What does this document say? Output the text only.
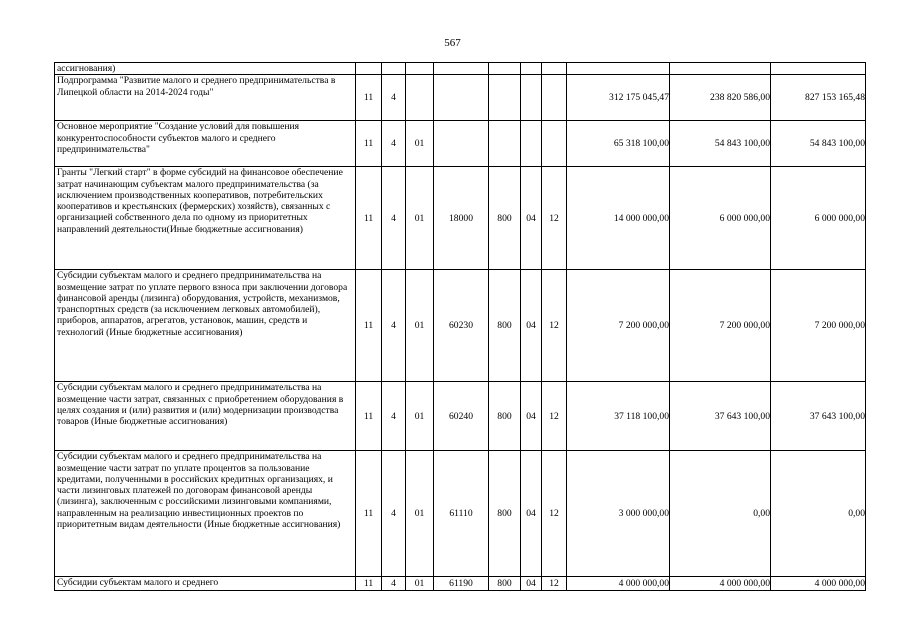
567
ассигнования)										
Подпрограмма "Развитие малого и среднего предпринимательства в Липецкой области на 2014-2024 годы"	11	4						312 175 045,47	238 820 586,00	827 153 165,48
Основное мероприятие "Создание условий для повышения конкурентоспособности субъектов малого и среднего предпринимательства"	11	4	01					65 318 100,00	54 843 100,00	54 843 100,00
Гранты "Легкий старт" в форме субсидий на финансовое обеспечение затрат начинающим субъектам малого предпринимательства (за исключением производственных кооперативов, потребительских кооперативов и крестьянских (фермерских) хозяйств), связанных с организацией собственного дела по одному из приоритетных направлений деятельности(Иные бюджетные ассигнования)	11	4	01	18000	800	04	12	14 000 000,00	6 000 000,00	6 000 000,00
Субсидии субъектам малого и среднего предпринимательства на возмещение затрат по уплате первого взноса при заключении договора финансовой аренды (лизинга) оборудования, устройств, механизмов, транспортных средств (за исключением легковых автомобилей), приборов, аппаратов, агрегатов, установок, машин, средств и технологий (Иные бюджетные ассигнования)	11	4	01	60230	800	04	12	7 200 000,00	7 200 000,00	7 200 000,00
Субсидии субъектам малого и среднего предпринимательства на возмещение части затрат, связанных с приобретением оборудования в целях создания и (или) развития и (или) модернизации производства товаров (Иные бюджетные ассигнования)	11	4	01	60240	800	04	12	37 118 100,00	37 643 100,00	37 643 100,00
Субсидии субъектам малого и среднего предпринимательства на возмещение части затрат по уплате процентов за пользование кредитами, полученными в российских кредитных организациях, и части лизинговых платежей по договорам финансовой аренды (лизинга), заключенным с российскими лизинговыми компаниями, направленным на реализацию инвестиционных проектов по приоритетным видам деятельности (Иные бюджетные ассигнования)	11	4	01	61110	800	04	12	3 000 000,00	0,00	0,00
Субсидии субъектам малого и среднего	11	4	01	61190	800	04	12	4 000 000,00	4 000 000,00	4 000 000,00
